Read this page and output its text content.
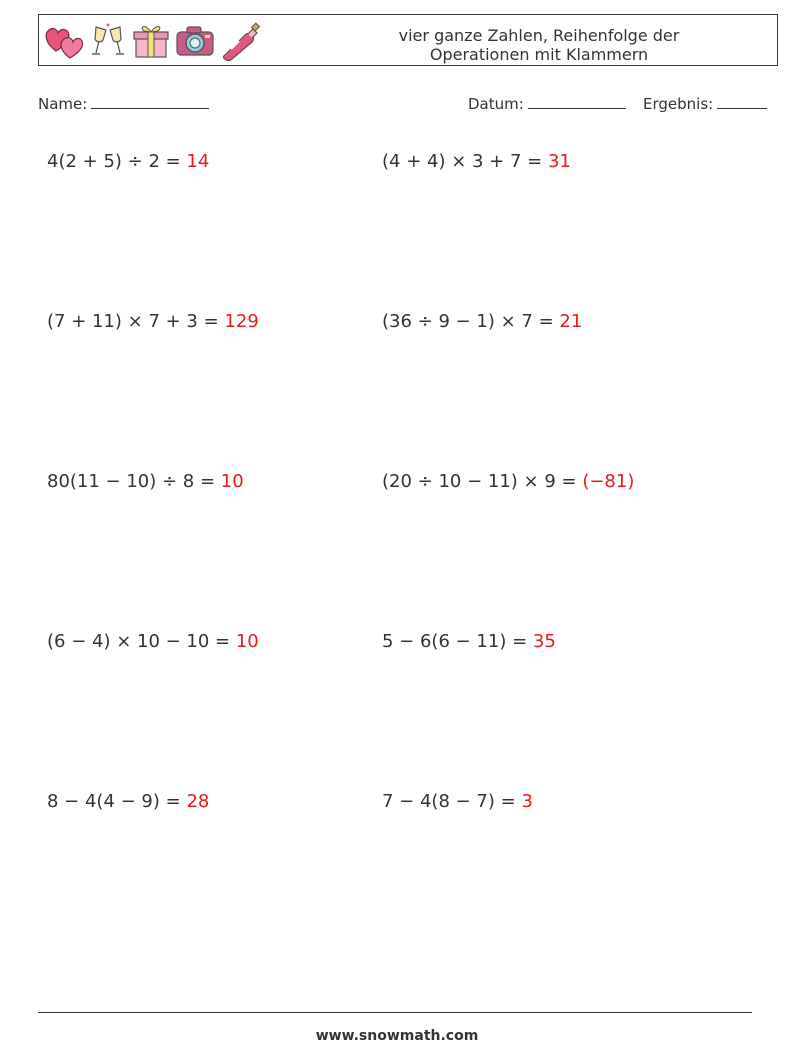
vier ganze Zahlen, Reihenfolge der
Operationen mit Klammern
Name:	Datum:	Ergebnis:
4(2 + 5) ÷ 2 = 14	(4 + 4) × 3 + 7 = 31
(7 + 11) × 7 + 3 = 129	(36 ÷ 9 − 1) × 7 = 21
80(11 − 10) ÷ 8 = 10	(20 ÷ 10 − 11) × 9 = (−81)
(6 − 4) × 10 − 10 = 10	5 − 6(6 − 11) = 35
8 − 4(4 − 9) = 28	7 − 4(8 − 7) = 3
www.snowmath.com
